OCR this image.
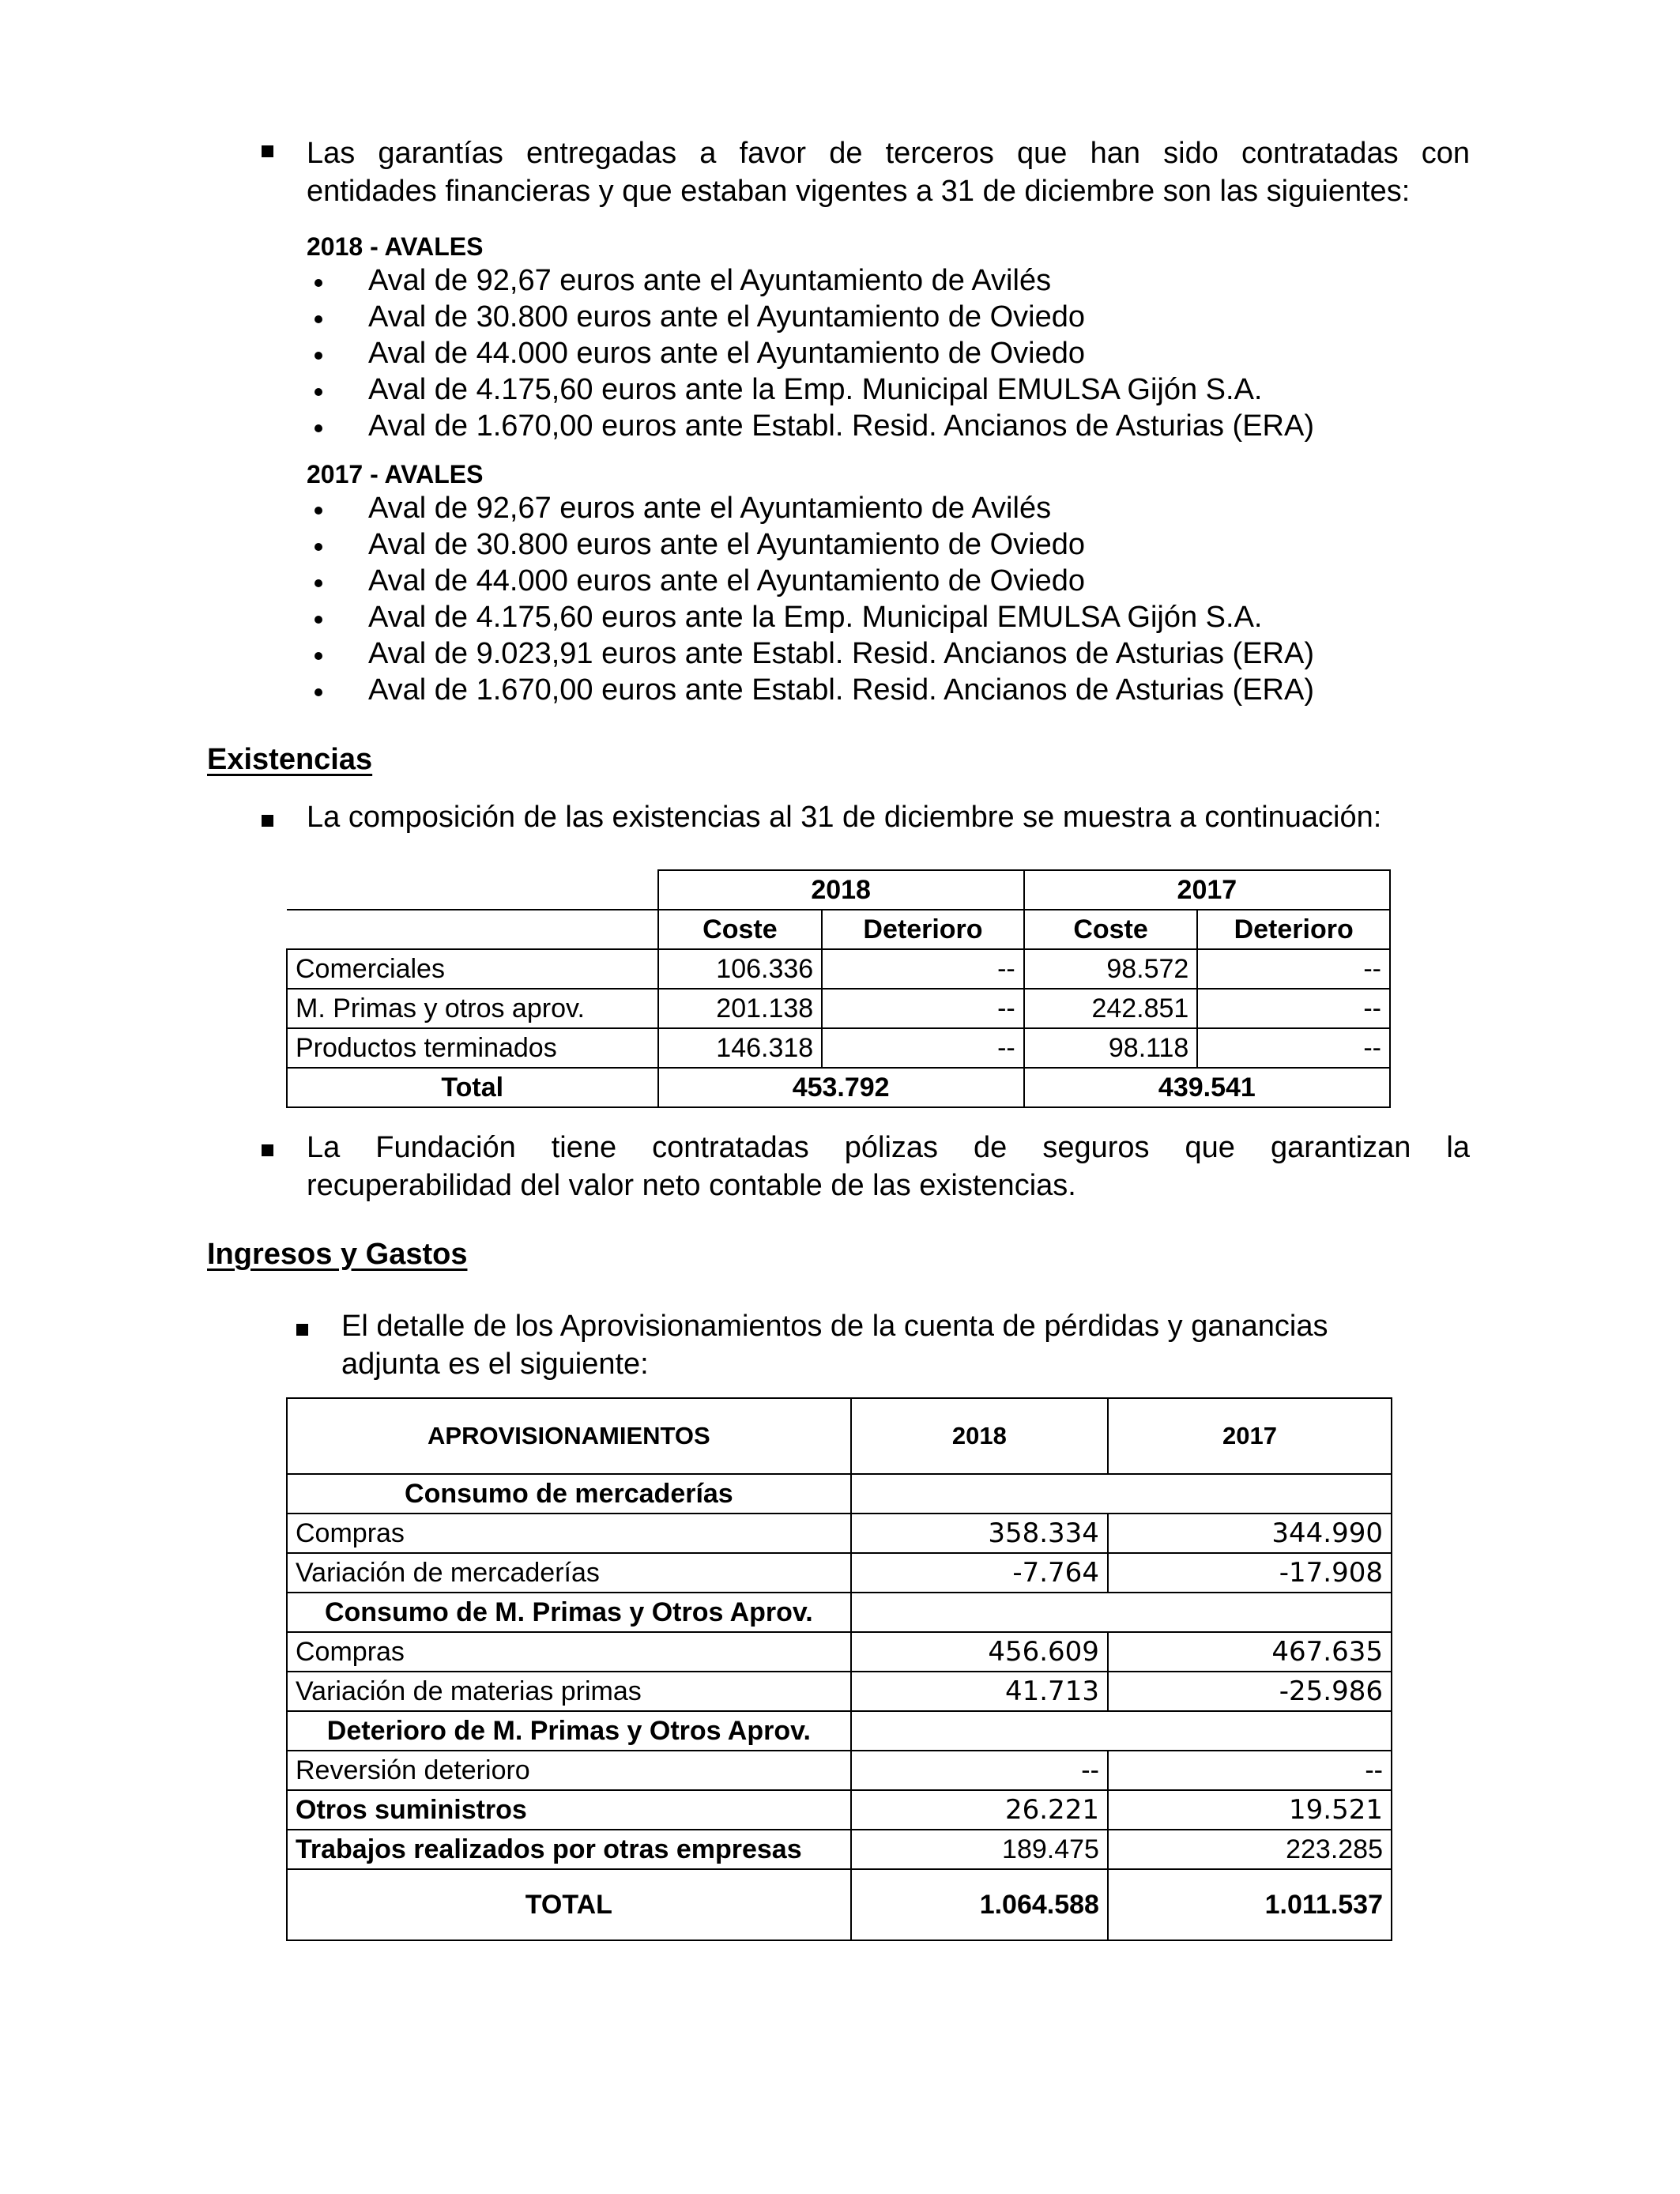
Las garantías entregadas a favor de terceros que han sido contratadas con

entidades financieras y que estaban vigentes a 31 de diciembre son las siguientes:
2018 - AVALES
Aval de 92,67 euros ante el Ayuntamiento de Avilés
Aval de 30.800 euros ante el Ayuntamiento de Oviedo
Aval de 44.000 euros ante el Ayuntamiento de Oviedo
Aval de 4.175,60 euros ante la Emp. Municipal EMULSA Gijón S.A.
Aval de 1.670,00 euros ante Establ. Resid. Ancianos de Asturias (ERA)
2017 - AVALES
Aval de 92,67 euros ante el Ayuntamiento de Avilés
Aval de 30.800 euros ante el Ayuntamiento de Oviedo
Aval de 44.000 euros ante el Ayuntamiento de Oviedo
Aval de 4.175,60 euros ante la Emp. Municipal EMULSA Gijón S.A.
Aval de 9.023,91 euros ante Establ. Resid. Ancianos de Asturias (ERA)
Aval de 1.670,00 euros ante Establ. Resid. Ancianos de Asturias (ERA)
Existencias
La composición de las existencias al 31 de diciembre se muestra a continuación:
	2018		2017	
	Coste	Deterioro	Coste	Deterioro
Comerciales	106.336	--	98.572	--
M. Primas y otros aprov.	201.138	--	242.851	--
Productos terminados	146.318	--	98.118	--
Total	453.792		439.541	
La Fundación tiene contratadas pólizas de seguros que garantizan la
recuperabilidad del valor neto contable de las existencias.
Ingresos y Gastos
El detalle de los Aprovisionamientos de la cuenta de pérdidas y ganancias
adjunta es el siguiente:
APROVISIONAMIENTOS	2018	2017
Consumo de mercaderías		
Compras	358.334	344.990
Variación de mercaderías	-7.764	-17.908
Consumo de M. Primas y Otros Aprov.		
Compras	456.609	467.635
Variación de materias primas	41.713	-25.986
Deterioro de M. Primas y Otros Aprov.		
Reversión deterioro	--	--
Otros suministros	26.221	19.521
Trabajos realizados por otras empresas	189.475	223.285
TOTAL	1.064.588	1.011.537
